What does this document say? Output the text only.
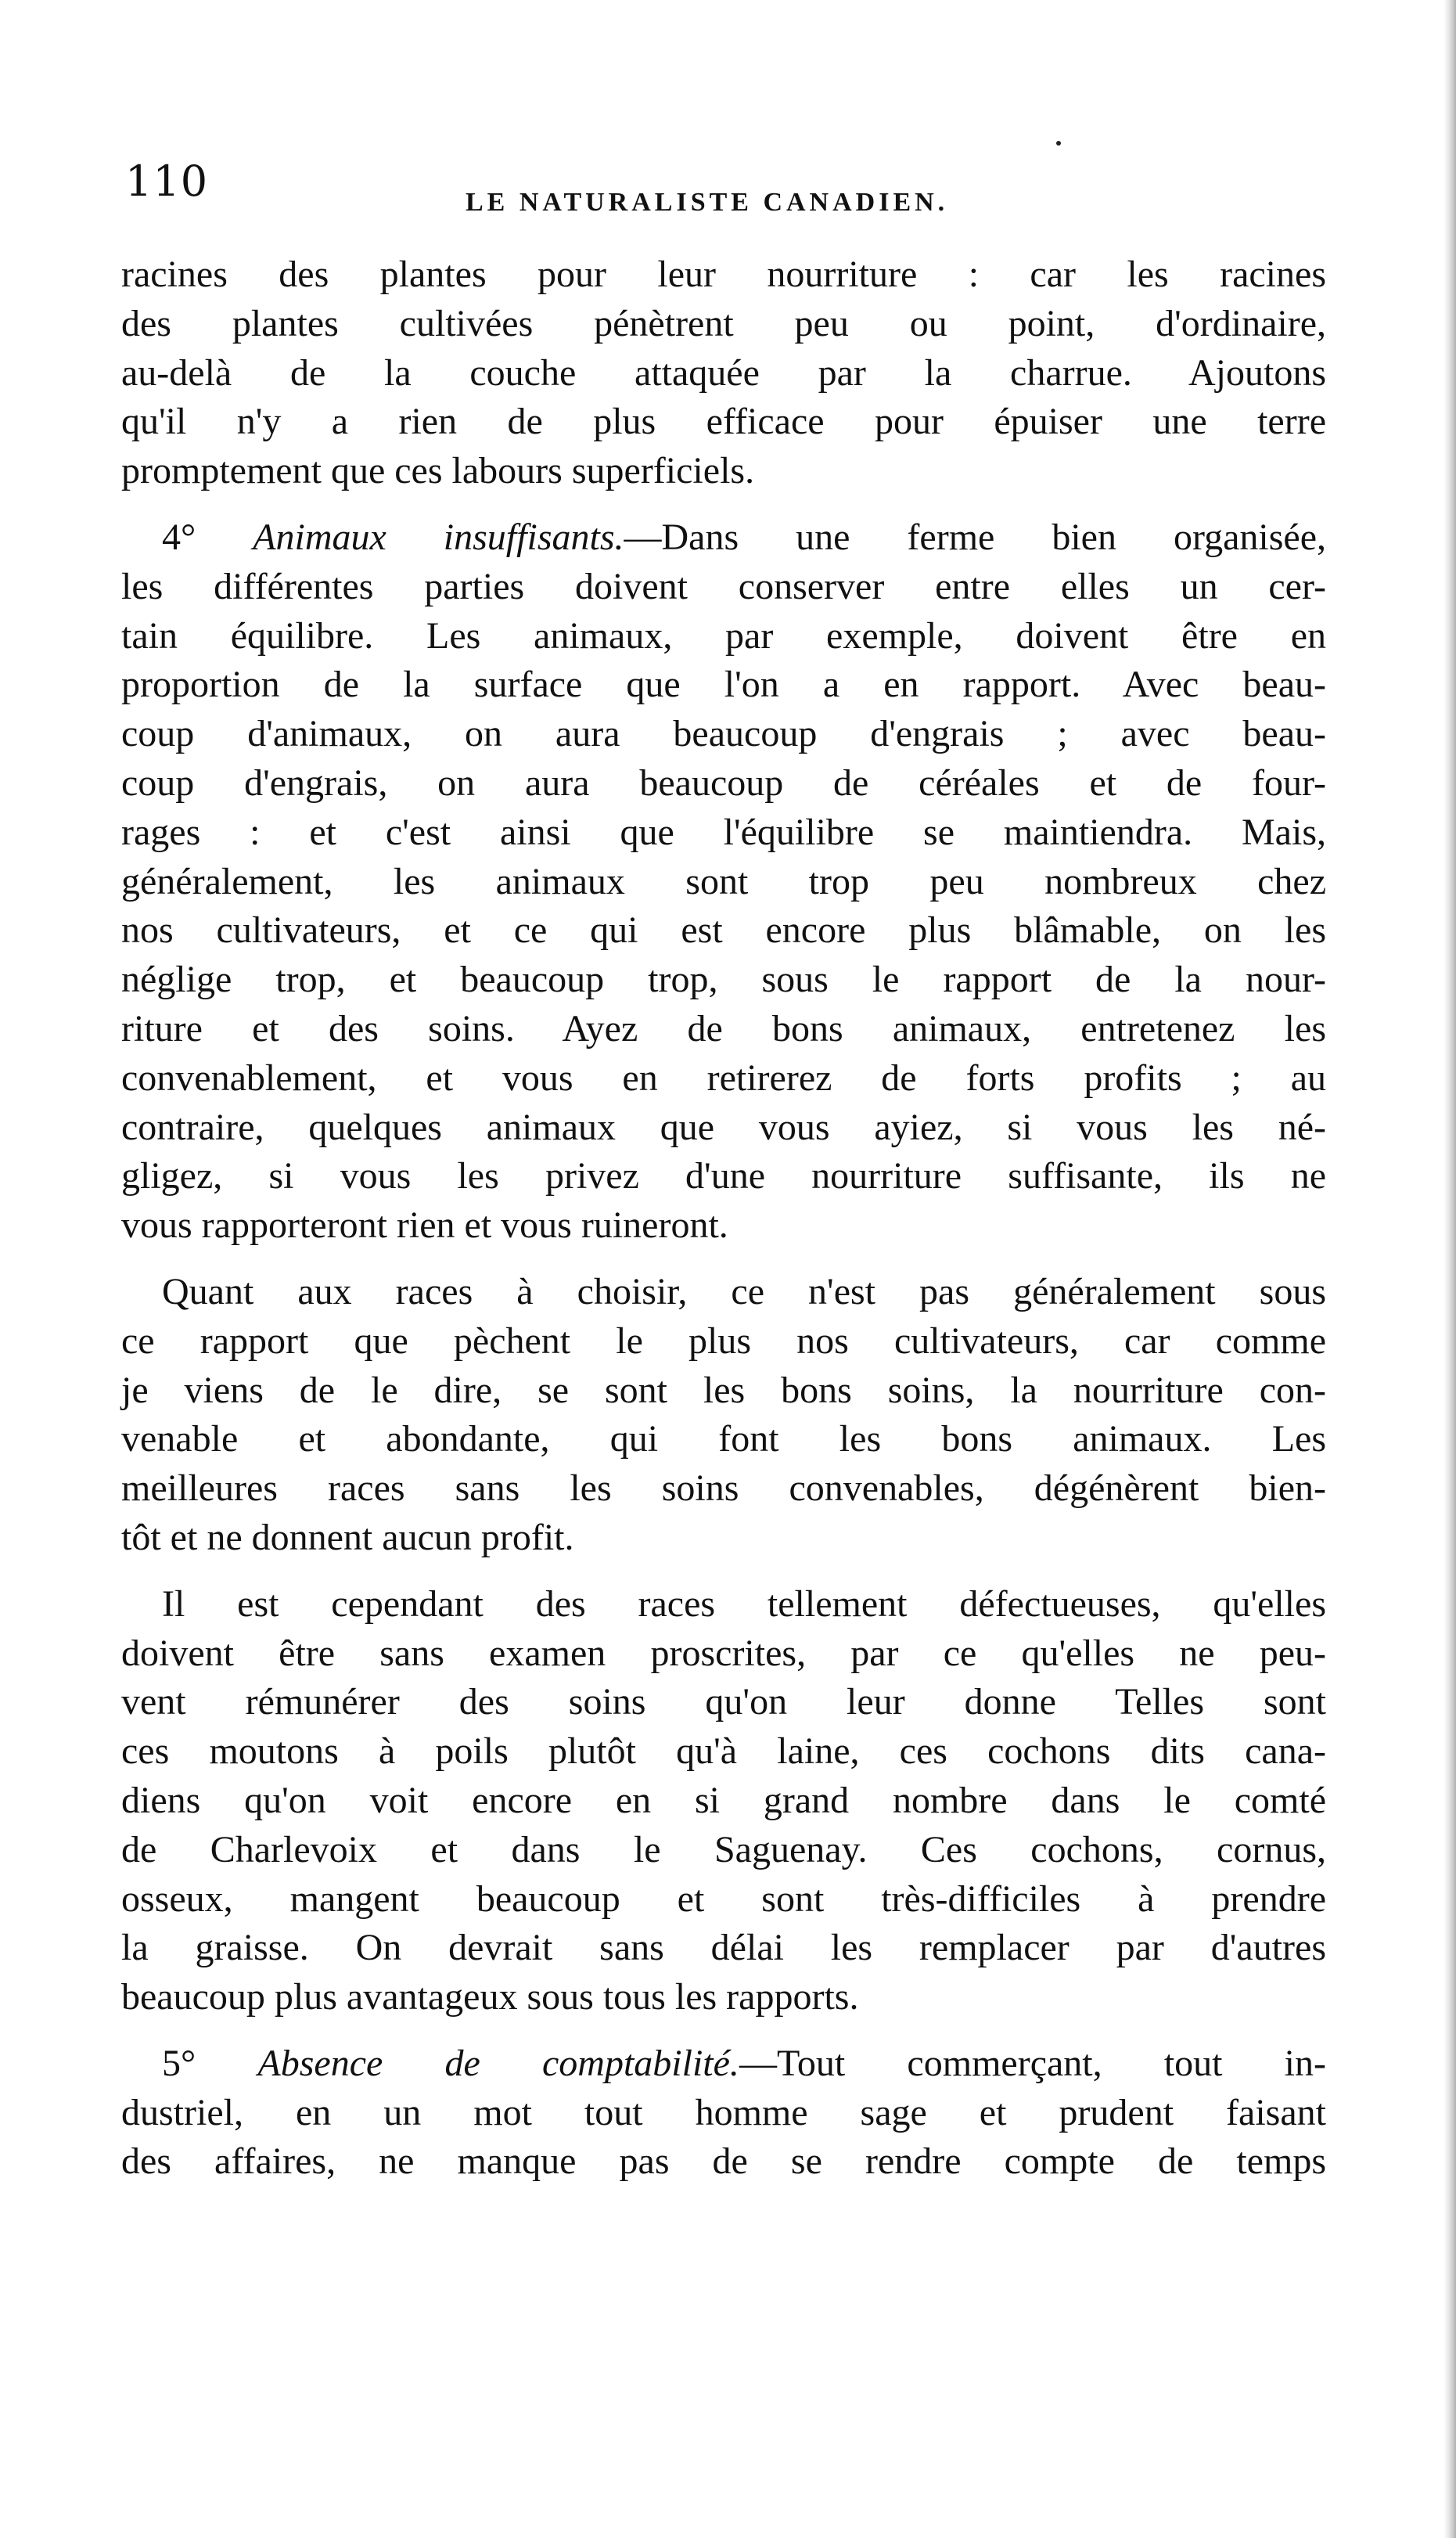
110	LE NATURALISTE CANADIEN.
racines des plantes pour leur nourriture : car les racines
des plantes cultivées pénètrent peu ou point, d'ordinaire,
au-delà de la couche attaquée par la charrue. Ajoutons
qu'il n'y a rien de plus efficace pour épuiser une terre
promptement que ces labours superficiels.
4° Animaux insuffisants.—Dans une ferme bien organisée,
les différentes parties doivent conserver entre elles un cer-
tain équilibre. Les animaux, par exemple, doivent être en
proportion de la surface que l'on a en rapport. Avec beau-
coup d'animaux, on aura beaucoup d'engrais ; avec beau-
coup d'engrais, on aura beaucoup de céréales et de four-
rages : et c'est ainsi que l'équilibre se maintiendra. Mais,
généralement, les animaux sont trop peu nombreux chez
nos cultivateurs, et ce qui est encore plus blâmable, on les
néglige trop, et beaucoup trop, sous le rapport de la nour-
riture et des soins. Ayez de bons animaux, entretenez les
convenablement, et vous en retirerez de forts profits ; au
contraire, quelques animaux que vous ayiez, si vous les né-
gligez, si vous les privez d'une nourriture suffisante, ils ne
vous rapporteront rien et vous ruineront.
Quant aux races à choisir, ce n'est pas généralement sous
ce rapport que pèchent le plus nos cultivateurs, car comme
je viens de le dire, se sont les bons soins, la nourriture con-
venable et abondante, qui font les bons animaux. Les
meilleures races sans les soins convenables, dégénèrent bien-
tôt et ne donnent aucun profit.
Il est cependant des races tellement défectueuses, qu'elles
doivent être sans examen proscrites, par ce qu'elles ne peu-
vent rémunérer des soins qu'on leur donne Telles sont
ces moutons à poils plutôt qu'à laine, ces cochons dits cana-
diens qu'on voit encore en si grand nombre dans le comté
de Charlevoix et dans le Saguenay. Ces cochons, cornus,
osseux, mangent beaucoup et sont très-difficiles à prendre
la graisse. On devrait sans délai les remplacer par d'autres
beaucoup plus avantageux sous tous les rapports.
5° Absence de comptabilité.—Tout commerçant, tout in-
dustriel, en un mot tout homme sage et prudent faisant
des affaires, ne manque pas de se rendre compte de temps
